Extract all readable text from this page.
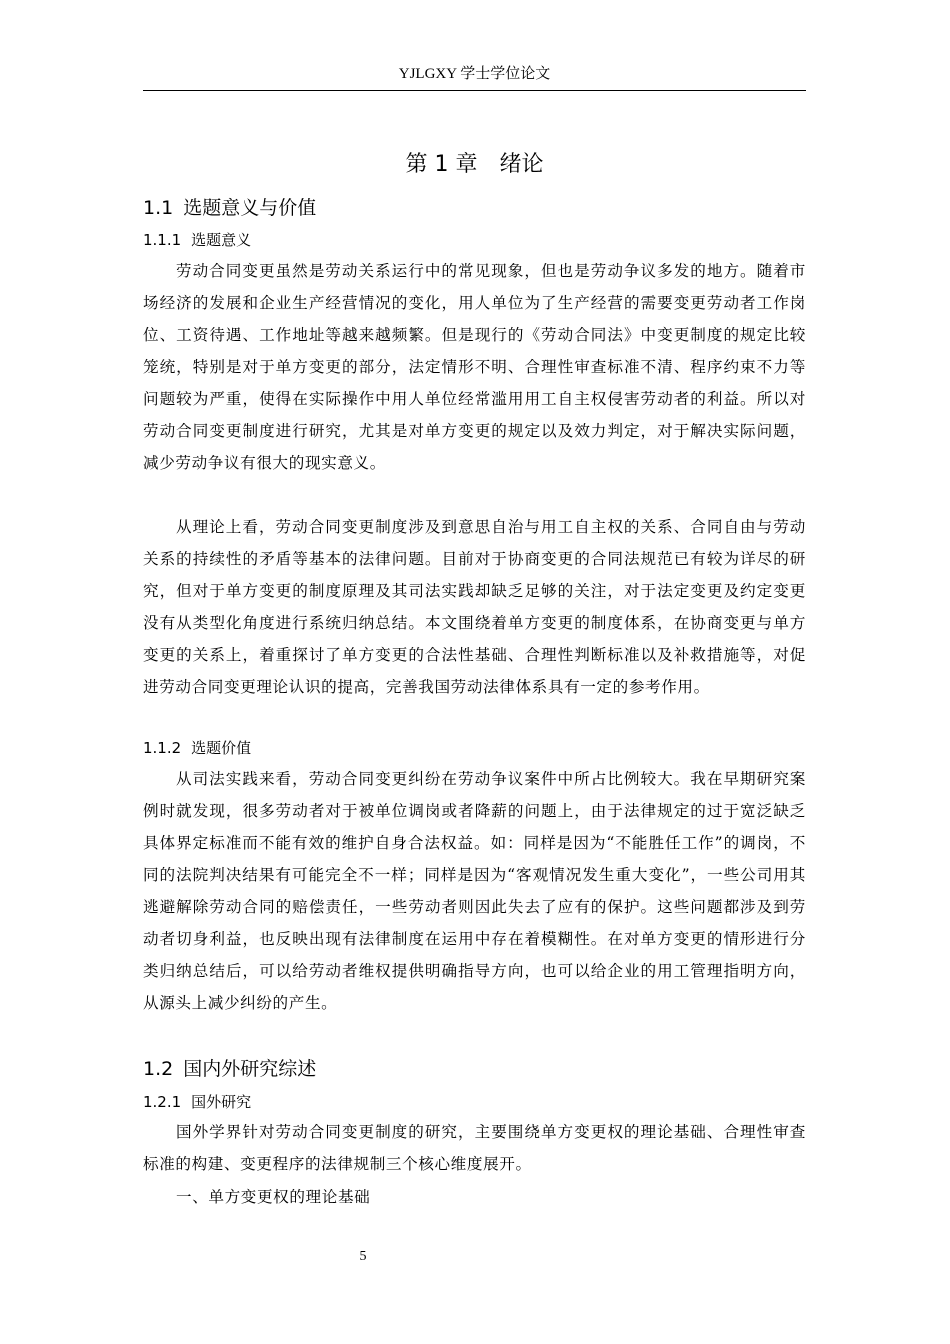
YJLGXY 学士学位论文
第 1 章 绪论
1.1 选题意义与价值
1.1.1 选题意义

劳动合同变更虽然是劳动关系运行中的常见现象，但也是劳动争议多发的地方。随着市场经济的发展和企业生产经营情况的变化，用人单位为了生产经营的需要变更劳动者工作岗位、工资待遇、工作地址等越来越频繁。但是现行的《劳动合同法》中变更制度的规定比较笼统，特别是对于单方变更的部分，法定情形不明、合理性审查标准不清、程序约束不力等问题较为严重，使得在实际操作中用人单位经常滥用用工自主权侵害劳动者的利益。所以对劳动合同变更制度进行研究，尤其是对单方变更的规定以及效力判定，对于解决实际问题，减少劳动争议有很大的现实意义。

从理论上看，劳动合同变更制度涉及到意思自治与用工自主权的关系、合同自由与劳动关系的持续性的矛盾等基本的法律问题。目前对于协商变更的合同法规范已有较为详尽的研究，但对于单方变更的制度原理及其司法实践却缺乏足够的关注，对于法定变更及约定变更没有从类型化角度进行系统归纳总结。本文围绕着单方变更的制度体系，在协商变更与单方变更的关系上，着重探讨了单方变更的合法性基础、合理性判断标准以及补救措施等，对促进劳动合同变更理论认识的提高，完善我国劳动法律体系具有一定的参考作用。

1.1.2 选题价值

从司法实践来看，劳动合同变更纠纷在劳动争议案件中所占比例较大。我在早期研究案例时就发现，很多劳动者对于被单位调岗或者降薪的问题上，由于法律规定的过于宽泛缺乏具体界定标准而不能有效的维护自身合法权益。如：同样是因为“不能胜任工作”的调岗，不同的法院判决结果有可能完全不一样；同样是因为“客观情况发生重大变化”，一些公司用其逃避解除劳动合同的赔偿责任，一些劳动者则因此失去了应有的保护。这些问题都涉及到劳动者切身利益，也反映出现有法律制度在运用中存在着模糊性。在对单方变更的情形进行分类归纳总结后，可以给劳动者维权提供明确指导方向，也可以给企业的用工管理指明方向，从源头上减少纠纷的产生。

1.2 国内外研究综述
1.2.1 国外研究

国外学界针对劳动合同变更制度的研究，主要围绕单方变更权的理论基础、合理性审查标准的构建、变更程序的法律规制三个核心维度展开。

一、单方变更权的理论基础

5
